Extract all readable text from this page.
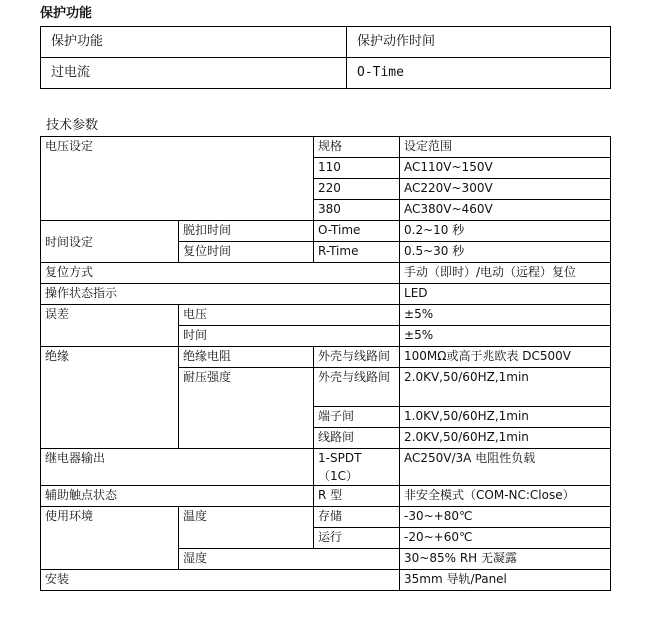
保护功能
保护功能	保护动作时间
过电流	O-Time
技术参数
电压设定		规格	设定范围
		110	AC110V~150V
		220	AC220V~300V
		380	AC380V~460V
时间设定	脱扣时间	O-Time	0.2~10 秒
	复位时间	R-Time	0.5~30 秒
复位方式			手动（即时）/电动（远程）复位
操作状态指示			LED
误差	电压		±5%
	时间		±5%
绝缘	绝缘电阻	外壳与线路间	100MΩ或高于兆欧表 DC500V

	耐压强度	外壳与线路间	2.0KV,50/60HZ,1min
		端子间	1.0KV,50/60HZ,1min
		线路间	2.0KV,50/60HZ,1min
继电器输出		1-SPDT（1C）	AC250V/3A 电阻性负载
辅助触点状态		R 型	非安全模式（COM-NC:Close）
使用环境	温度	存储	-30~+80℃
		运行	-20~+60℃
	湿度		30~85% RH 无凝露
安装			35mm 导轨/Panel
